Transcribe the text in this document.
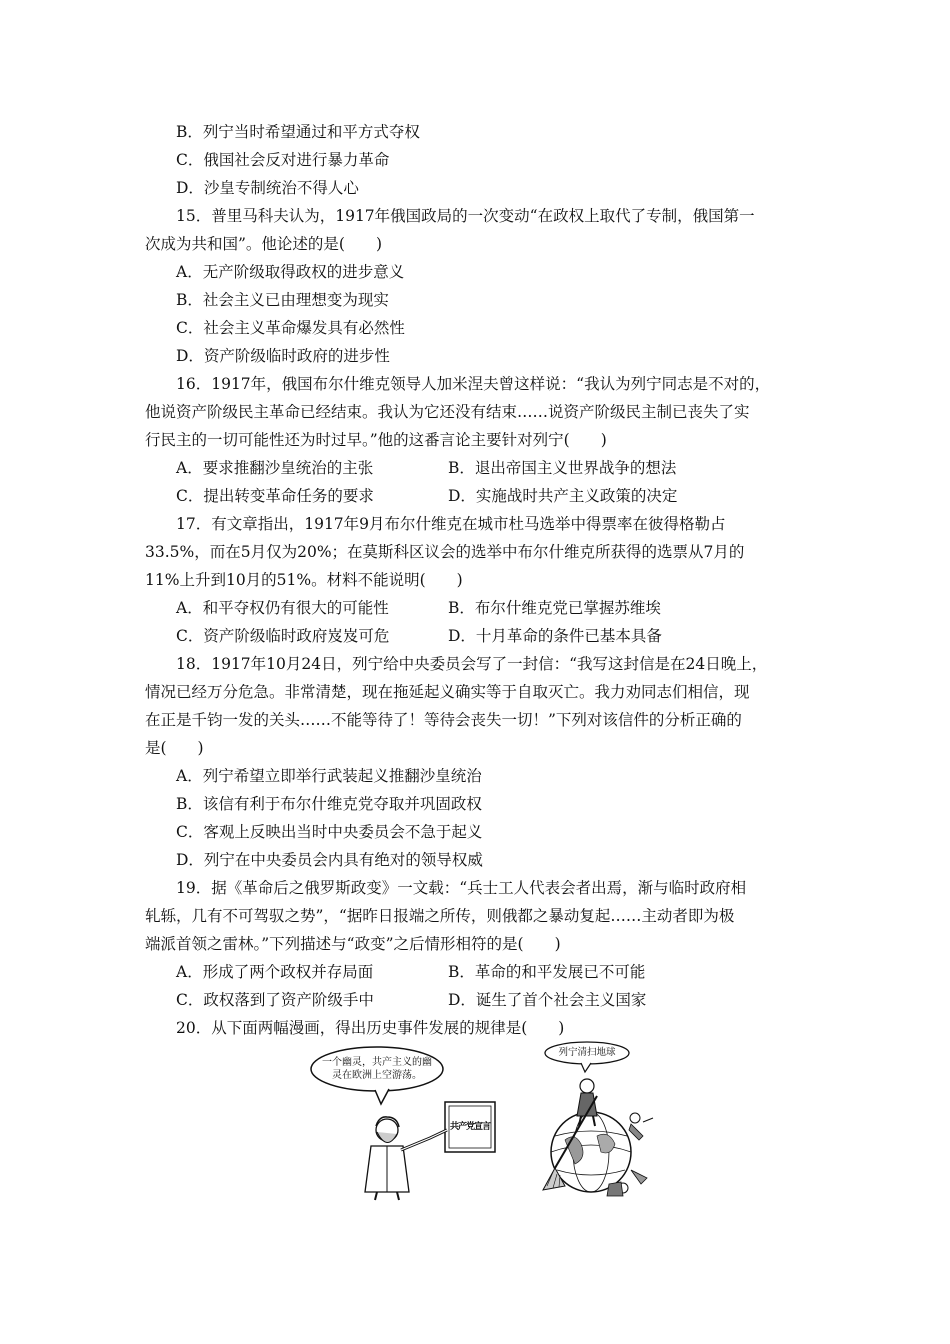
B．列宁当时希望通过和平方式夺权
C．俄国社会反对进行暴力革命
D．沙皇专制统治不得人心
15．普里马科夫认为，1917年俄国政局的一次变动“在政权上取代了专制，俄国第一
次成为共和国”。他论述的是(　　)
A．无产阶级取得政权的进步意义
B．社会主义已由理想变为现实
C．社会主义革命爆发具有必然性
D．资产阶级临时政府的进步性
16．1917年，俄国布尔什维克领导人加米涅夫曾这样说：“我认为列宁同志是不对的，
他说资产阶级民主革命已经结束。我认为它还没有结束……说资产阶级民主制已丧失了实
行民主的一切可能性还为时过早。”他的这番言论主要针对列宁(　　)
A．要求推翻沙皇统治的主张	B．退出帝国主义世界战争的想法
C．提出转变革命任务的要求	D．实施战时共产主义政策的决定
17．有文章指出，1917年9月布尔什维克在城市杜马选举中得票率在彼得格勒占
33.5%，而在5月仅为20%；在莫斯科区议会的选举中布尔什维克所获得的选票从7月的
11%上升到10月的51%。材料不能说明(　　)
A．和平夺权仍有很大的可能性	B．布尔什维克党已掌握苏维埃
C．资产阶级临时政府岌岌可危	D．十月革命的条件已基本具备
18．1917年10月24日，列宁给中央委员会写了一封信：“我写这封信是在24日晚上，
情况已经万分危急。非常清楚，现在拖延起义确实等于自取灭亡。我力劝同志们相信，现
在正是千钧一发的关头……不能等待了！等待会丧失一切！”下列对该信件的分析正确的
是(　　)
A．列宁希望立即举行武装起义推翻沙皇统治
B．该信有利于布尔什维克党夺取并巩固政权
C．客观上反映出当时中央委员会不急于起义
D．列宁在中央委员会内具有绝对的领导权威
19．据《革命后之俄罗斯政变》一文载：“兵士工人代表会者出焉，渐与临时政府相
轧轹，几有不可驾驭之势”，“据昨日报端之所传，则俄都之暴动复起……主动者即为极
端派首领之雷林。”下列描述与“政变”之后情形相符的是(　　)
A．形成了两个政权并存局面	B．革命的和平发展已不可能
C．政权落到了资产阶级手中	D．诞生了首个社会主义国家
20．从下面两幅漫画，得出历史事件发展的规律是(　　)
一个幽灵，共产主义的幽
灵在欧洲上空游荡。
共产党宣言
列宁清扫地球
